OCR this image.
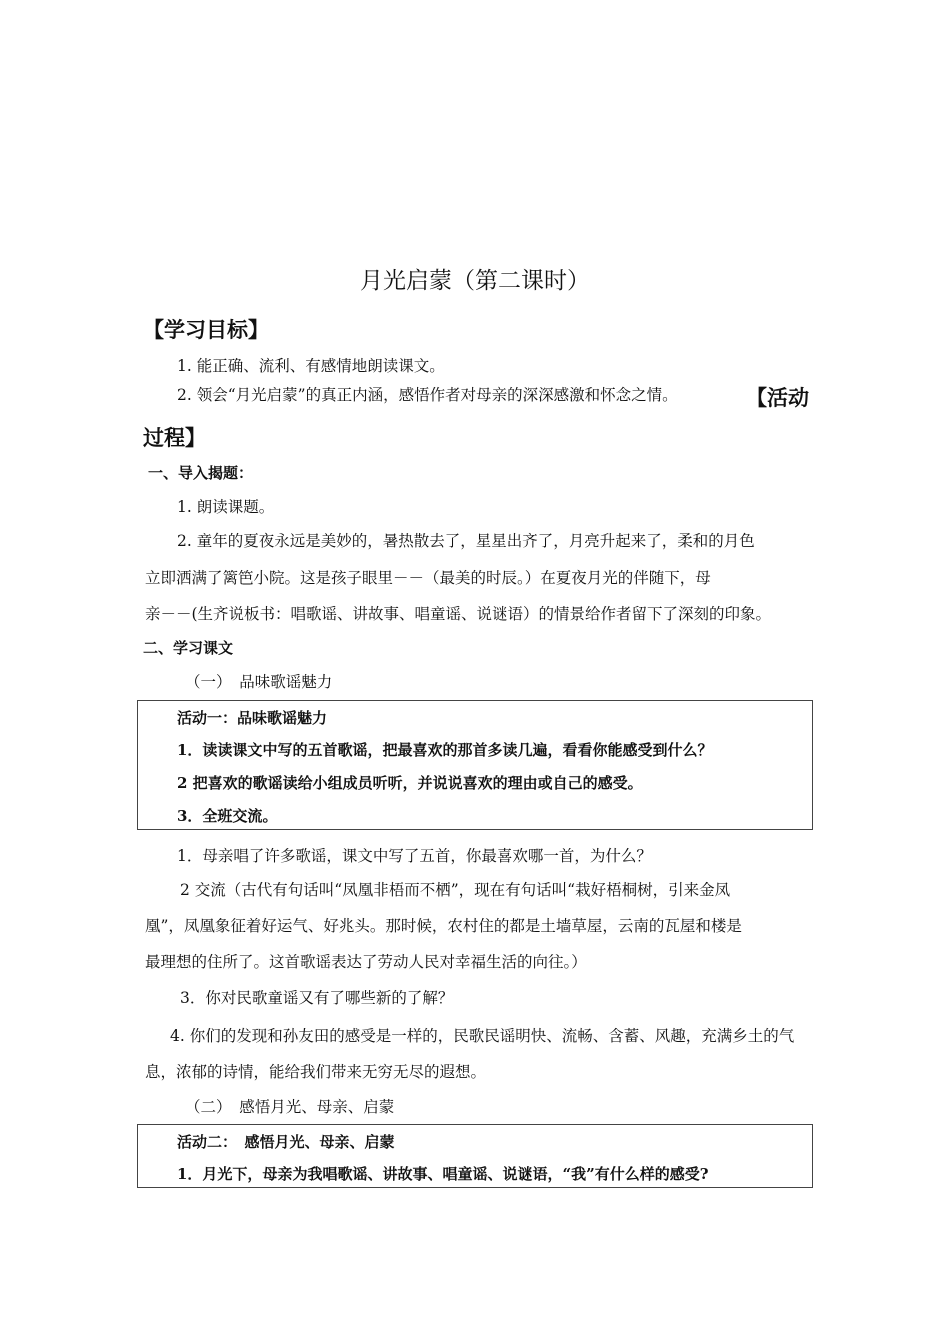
月光启蒙（第二课时）
【学习目标】
1. 能正确、流利、有感情地朗读课文。
2. 领会“月光启蒙”的真正内涵，感悟作者对母亲的深深感激和怀念之情。	【活动
过程】
一、导入揭题：
1. 朗读课题。
2. 童年的夏夜永远是美妙的，暑热散去了，星星出齐了，月亮升起来了，柔和的月色
立即洒满了篱笆小院。这是孩子眼里－－（最美的时辰。）在夏夜月光的伴随下，母
亲－－(生齐说板书：唱歌谣、讲故事、唱童谣、说谜语）的情景给作者留下了深刻的印象。
二、学习课文
（一）　品味歌谣魅力
活动一：品味歌谣魅力
1．读读课文中写的五首歌谣，把最喜欢的那首多读几遍，看看你能感受到什么？
2 把喜欢的歌谣读给小组成员听听，并说说喜欢的理由或自己的感受。
3．全班交流。
1．母亲唱了许多歌谣，课文中写了五首，你最喜欢哪一首，为什么？
2 交流（古代有句话叫“凤凰非梧而不栖”，现在有句话叫“栽好梧桐树，引来金凤
凰”，凤凰象征着好运气、好兆头。那时候，农村住的都是土墙草屋，云南的瓦屋和楼是
最理想的住所了。这首歌谣表达了劳动人民对幸福生活的向往。）
3．你对民歌童谣又有了哪些新的了解？
4. 你们的发现和孙友田的感受是一样的，民歌民谣明快、流畅、含蓄、风趣，充满乡土的气
息，浓郁的诗情，能给我们带来无穷无尽的遐想。
（二）　感悟月光、母亲、启蒙
活动二：　感悟月光、母亲、启蒙
1．月光下，母亲为我唱歌谣、讲故事、唱童谣、说谜语，“我”有什么样的感受?
